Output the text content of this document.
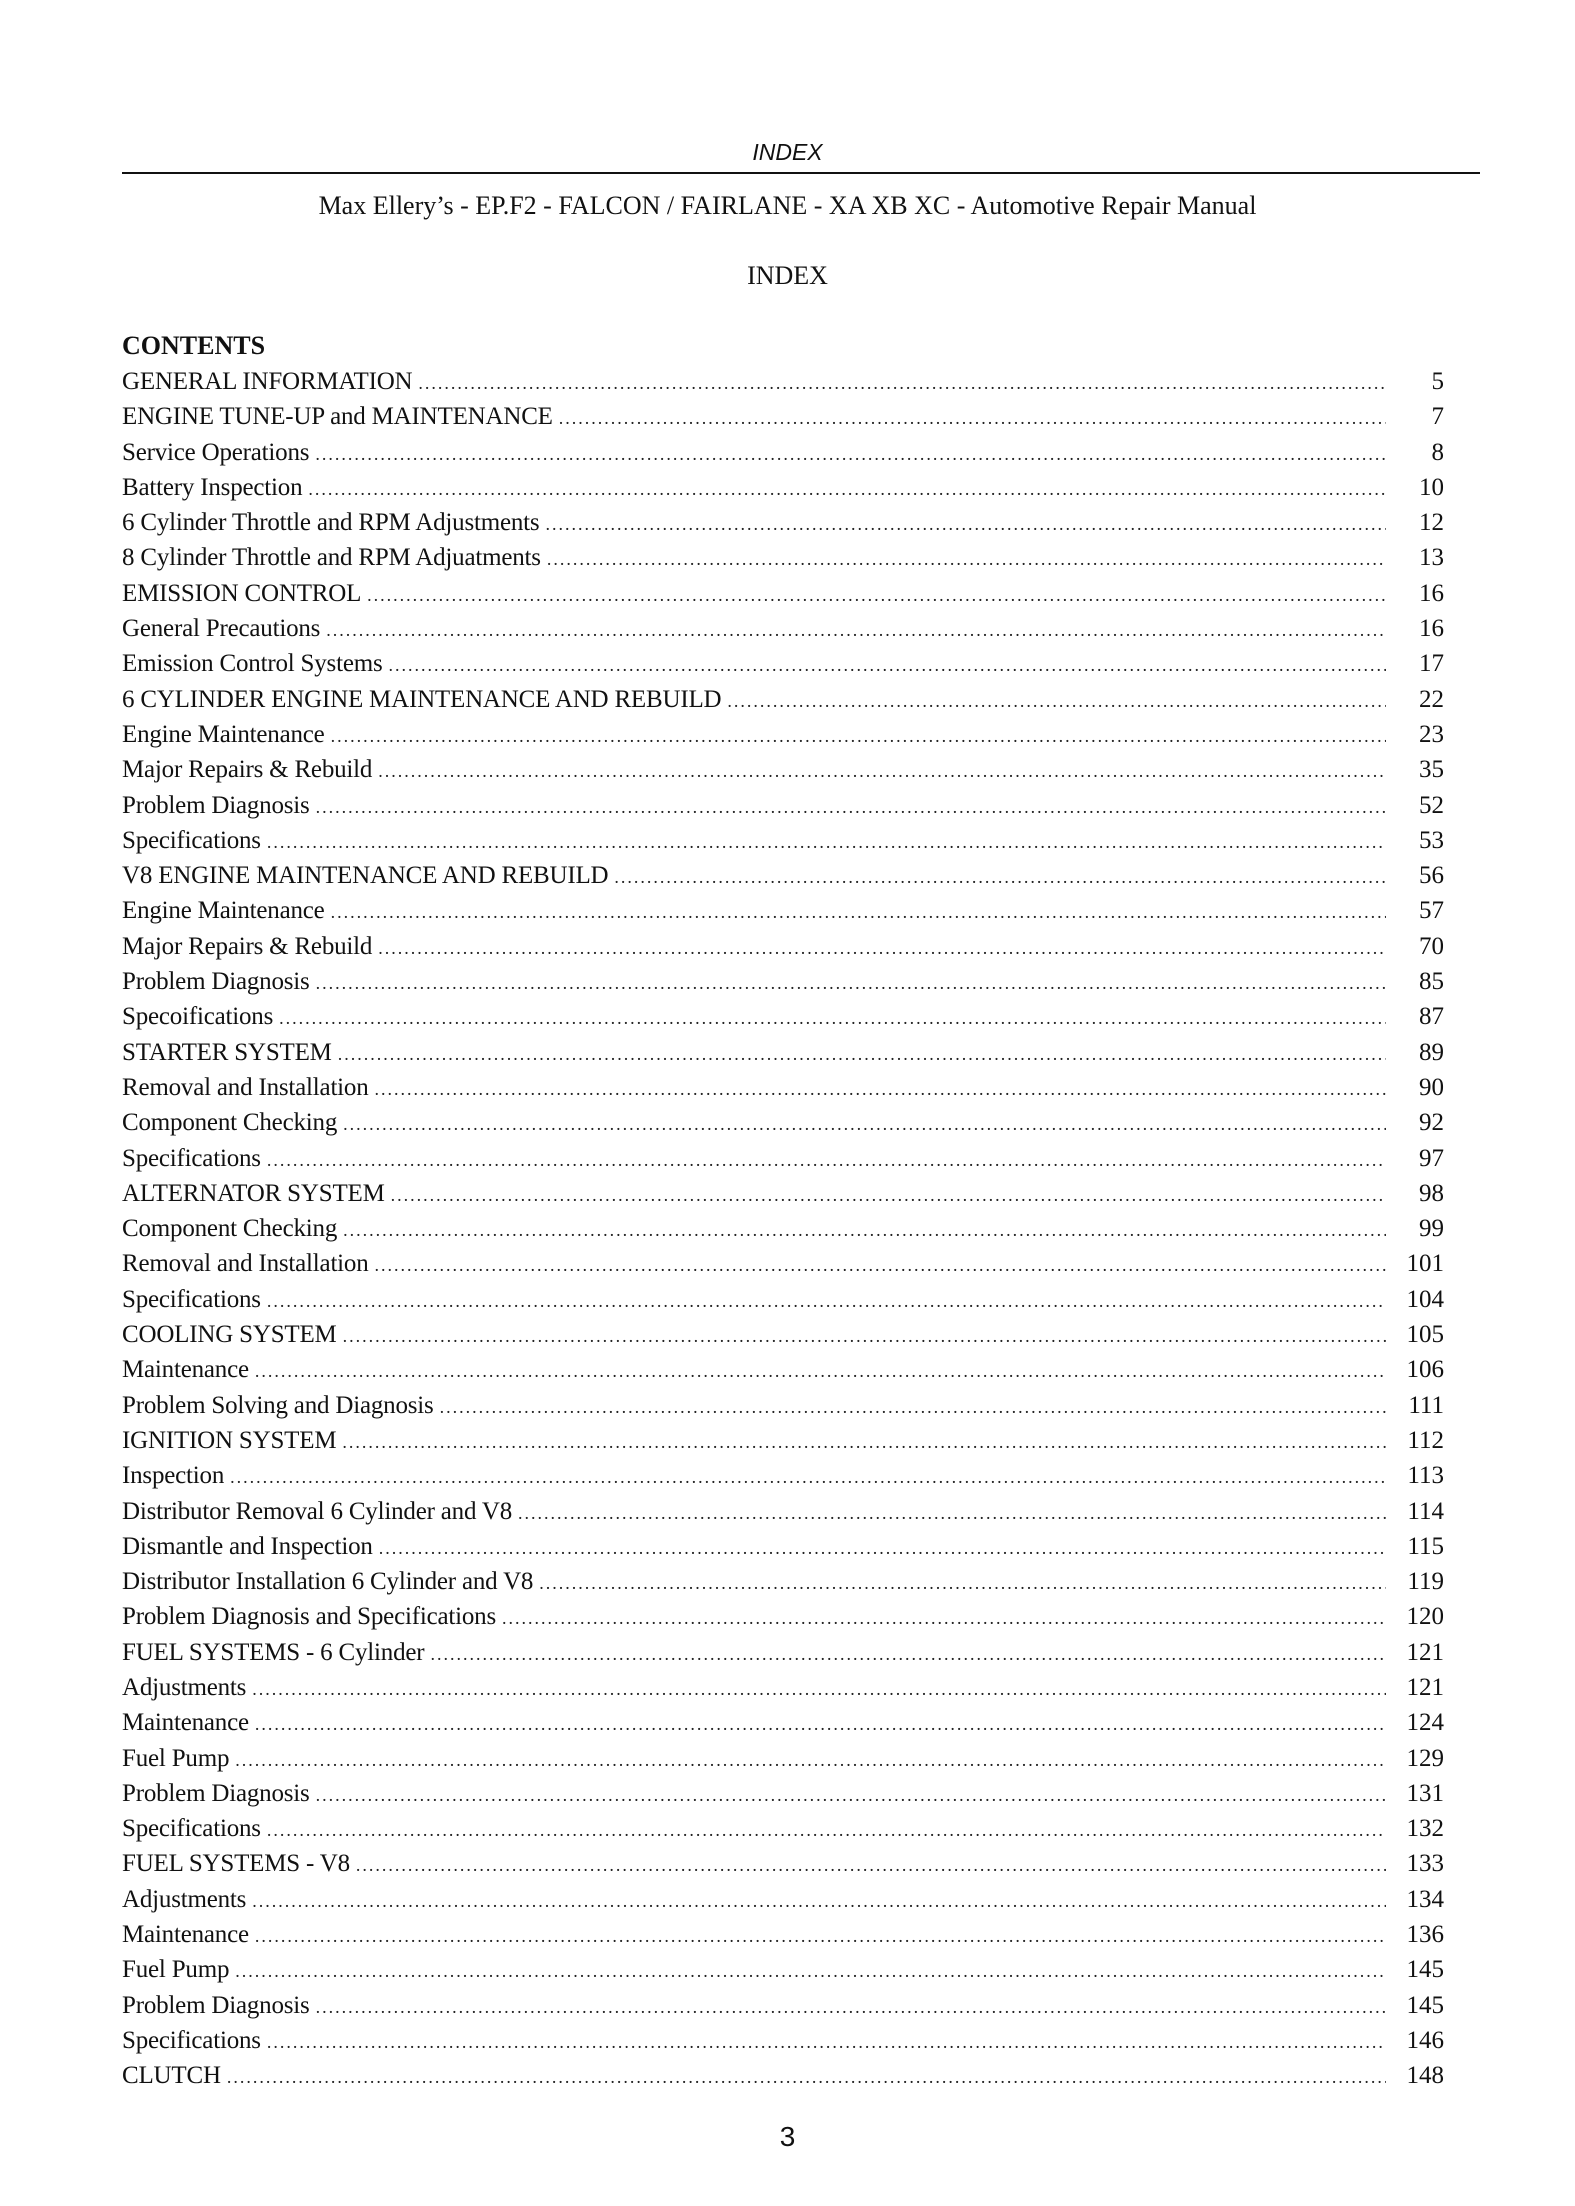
INDEX
Max Ellery’s - EP.F2 - FALCON / FAIRLANE - XA XB XC - Automotive Repair Manual
INDEX
CONTENTS
GENERAL INFORMATION .....	5
ENGINE TUNE-UP and MAINTENANCE .....	7
Service Operations .....	8
Battery Inspection .....	10
6 Cylinder Throttle and RPM Adjustments .....	12
8 Cylinder Throttle and RPM Adjuatments .....	13
EMISSION CONTROL .....	16
General Precautions .....	16
Emission Control Systems .....	17
6 CYLINDER ENGINE MAINTENANCE AND REBUILD .....	22
Engine Maintenance .....	23
Major Repairs & Rebuild .....	35
Problem Diagnosis .....	52
Specifications .....	53
V8 ENGINE MAINTENANCE AND REBUILD .....	56
Engine Maintenance .....	57
Major Repairs & Rebuild .....	70
Problem Diagnosis .....	85
Specoifications .....	87
STARTER SYSTEM .....	89
Removal and Installation .....	90
Component Checking .....	92
Specifications .....	97
ALTERNATOR SYSTEM .....	98
Component Checking .....	99
Removal and Installation .....	101
Specifications .....	104
COOLING SYSTEM .....	105
Maintenance .....	106
Problem Solving and Diagnosis .....	111
IGNITION SYSTEM .....	112
Inspection .....	113
Distributor Removal 6 Cylinder and V8 .....	114
Dismantle and Inspection .....	115
Distributor Installation 6 Cylinder and V8 .....	119
Problem Diagnosis and Specifications .....	120
FUEL SYSTEMS - 6 Cylinder .....	121
Adjustments .....	121
Maintenance .....	124
Fuel Pump .....	129
Problem Diagnosis .....	131
Specifications .....	132
FUEL SYSTEMS - V8 .....	133
Adjustments .....	134
Maintenance .....	136
Fuel Pump .....	145
Problem Diagnosis .....	145
Specifications .....	146
CLUTCH .....	148
3
